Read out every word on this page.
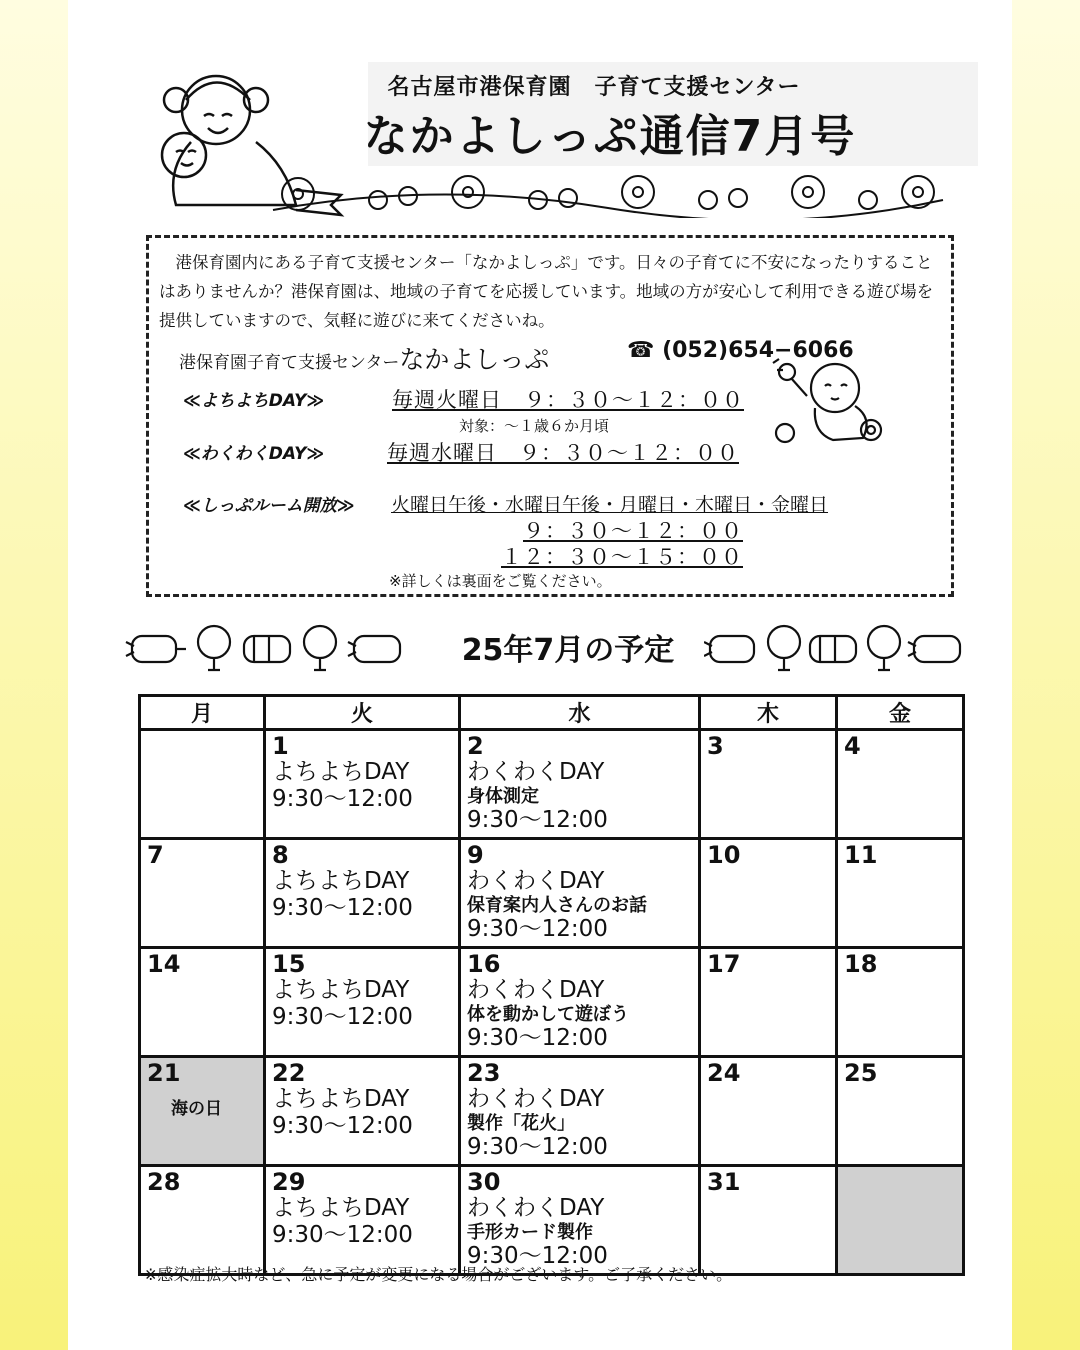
名古屋市港保育園　子育て支援センター
なかよしっぷ通信7月号
　港保育園内にある子育て支援センター「なかよしっぷ」です。日々の子育てに不安になったりすることはありませんか？港保育園は、地域の子育てを応援しています。地域の方が安心して利用できる遊び場を提供していますので、気軽に遊びに来てくださいね。
港保育園子育て支援センターなかよしっぷ	☎ (052)654−6066
≪よちよちDAY≫	毎週火曜日　９：３０〜１２：００
対象：〜１歳６か月頃
≪わくわくDAY≫	毎週水曜日　９：３０〜１２：００
≪しっぷルーム開放≫ 火曜日午後・水曜日午後・月曜日・木曜日・金曜日
９：３０〜１２：００
１２：３０〜１５：００
※詳しくは裏面をご覧ください。
25年7月の予定
月	火	水	木	金

	1
よちよちDAY
9:30〜12:00	2
わくわくDAY
身体測定
9:30〜12:00	3	4

7	8
よちよちDAY
9:30〜12:00	9
わくわくDAY
保育案内人さんのお話
9:30〜12:00	10	11

14	15
よちよちDAY
9:30〜12:00	16
わくわくDAY
体を動かして遊ぼう
9:30〜12:00	17	18

21
海の日	22
よちよちDAY
9:30〜12:00	23
わくわくDAY
製作「花火」
9:30〜12:00	24	25

28	29
よちよちDAY
9:30〜12:00	30
わくわくDAY
手形カード製作
9:30〜12:00	31	

※感染症拡大時など、急に予定が変更になる場合がございます。ご了承ください。
